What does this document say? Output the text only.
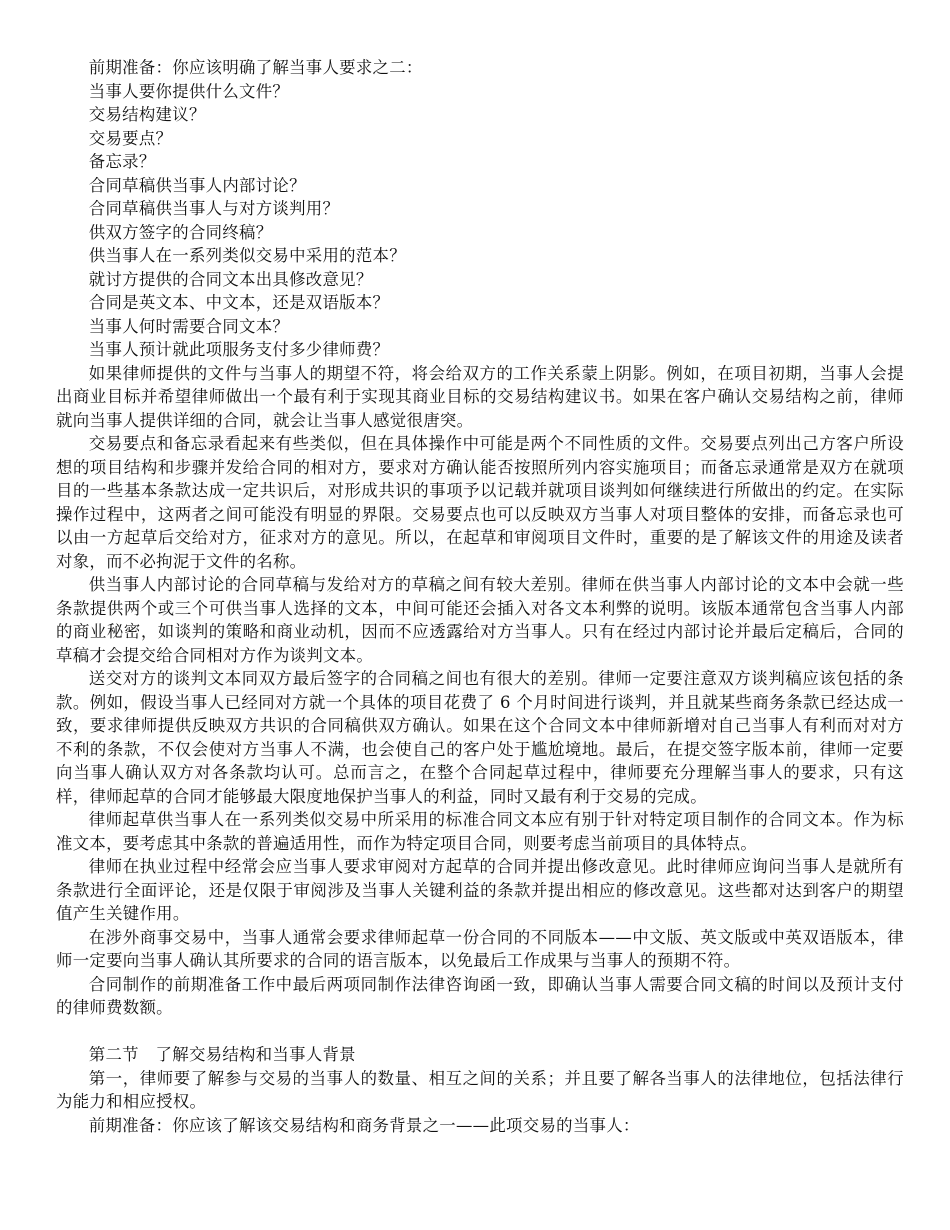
前期准备：你应该明确了解当事人要求之二：

当事人要你提供什么文件？

交易结构建议？

交易要点？

备忘录？

合同草稿供当事人内部讨论？

合同草稿供当事人与对方谈判用？

供双方签字的合同终稿？

供当事人在一系列类似交易中采用的范本？

就讨方提供的合同文本出具修改意见？

合同是英文本、中文本，还是双语版本？

当事人何时需要合同文本？

当事人预计就此项服务支付多少律师费？

如果律师提供的文件与当事人的期望不符，将会给双方的工作关系蒙上阴影。例如，在项目初期，当事人会提出商业目标并希望律师做出一个最有利于实现其商业目标的交易结构建议书。如果在客户确认交易结构之前，律师就向当事人提供详细的合同，就会让当事人感觉很唐突。

交易要点和备忘录看起来有些类似，但在具体操作中可能是两个不同性质的文件。交易要点列出己方客户所设想的项目结构和步骤并发给合同的相对方，要求对方确认能否按照所列内容实施项目；而备忘录通常是双方在就项目的一些基本条款达成一定共识后，对形成共识的事项予以记载并就项目谈判如何继续进行所做出的约定。在实际操作过程中，这两者之间可能没有明显的界限。交易要点也可以反映双方当事人对项目整体的安排，而备忘录也可以由一方起草后交给对方，征求对方的意见。所以，在起草和审阅项目文件时，重要的是了解该文件的用途及读者对象，而不必拘泥于文件的名称。

供当事人内部讨论的合同草稿与发给对方的草稿之间有较大差别。律师在供当事人内部讨论的文本中会就一些条款提供两个或三个可供当事人选择的文本，中间可能还会插入对各文本利弊的说明。该版本通常包含当事人内部的商业秘密，如谈判的策略和商业动机，因而不应透露给对方当事人。只有在经过内部讨论并最后定稿后，合同的草稿才会提交给合同相对方作为谈判文本。

送交对方的谈判文本同双方最后签字的合同稿之间也有很大的差别。律师一定要注意双方谈判稿应该包括的条款。例如，假设当事人已经同对方就一个具体的项目花费了 6 个月时间进行谈判，并且就某些商务条款已经达成一致，要求律师提供反映双方共识的合同稿供双方确认。如果在这个合同文本中律师新增对自己当事人有利而对对方不利的条款，不仅会使对方当事人不满，也会使自己的客户处于尴尬境地。最后，在提交签字版本前，律师一定要向当事人确认双方对各条款均认可。总而言之，在整个合同起草过程中，律师要充分理解当事人的要求，只有这样，律师起草的合同才能够最大限度地保护当事人的利益，同时又最有利于交易的完成。

律师起草供当事人在一系列类似交易中所采用的标准合同文本应有别于针对特定项目制作的合同文本。作为标准文本，要考虑其中条款的普遍适用性，而作为特定项目合同，则要考虑当前项目的具体特点。

律师在执业过程中经常会应当事人要求审阅对方起草的合同并提出修改意见。此时律师应询问当事人是就所有条款进行全面评论，还是仅限于审阅涉及当事人关键利益的条款并提出相应的修改意见。这些都对达到客户的期望值产生关键作用。

在涉外商事交易中，当事人通常会要求律师起草一份合同的不同版本——中文版、英文版或中英双语版本，律师一定要向当事人确认其所要求的合同的语言版本，以免最后工作成果与当事人的预期不符。

合同制作的前期准备工作中最后两项同制作法律咨询函一致，即确认当事人需要合同文稿的时间以及预计支付的律师费数额。

第二节　了解交易结构和当事人背景

第一，律师要了解参与交易的当事人的数量、相互之间的关系；并且要了解各当事人的法律地位，包括法律行为能力和相应授权。

前期准备：你应该了解该交易结构和商务背景之一——此项交易的当事人：
